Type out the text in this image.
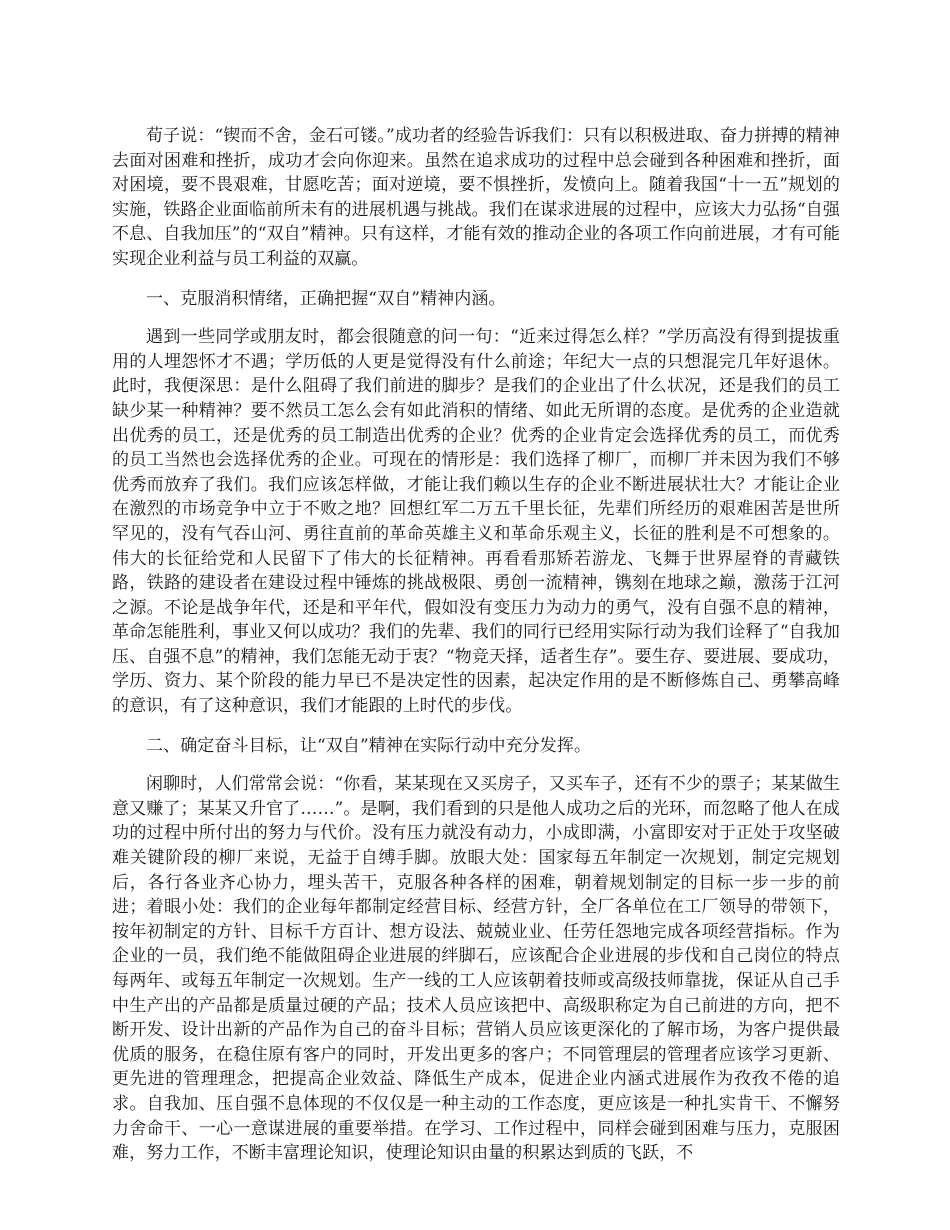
荀子说：“锲而不舍，金石可镂。”成功者的经验告诉我们：只有以积极进取、奋力拼搏的精神去面对困难和挫折，成功才会向你迎来。虽然在追求成功的过程中总会碰到各种困难和挫折，面对困境，要不畏艰难，甘愿吃苦；面对逆境，要不惧挫折，发愤向上。随着我国“十一五”规划的实施，铁路企业面临前所未有的进展机遇与挑战。我们在谋求进展的过程中，应该大力弘扬“自强不息、自我加压”的“双自”精神。只有这样，才能有效的推动企业的各项工作向前进展，才有可能实现企业利益与员工利益的双赢。

一、克服消积情绪，正确把握“双自”精神内涵。

遇到一些同学或朋友时，都会很随意的问一句：“近来过得怎么样？”学历高没有得到提拔重用的人埋怨怀才不遇；学历低的人更是觉得没有什么前途；年纪大一点的只想混完几年好退休。此时，我便深思：是什么阻碍了我们前进的脚步？是我们的企业出了什么状况，还是我们的员工缺少某一种精神？要不然员工怎么会有如此消积的情绪、如此无所谓的态度。是优秀的企业造就出优秀的员工，还是优秀的员工制造出优秀的企业？优秀的企业肯定会选择优秀的员工，而优秀的员工当然也会选择优秀的企业。可现在的情形是：我们选择了柳厂，而柳厂并未因为我们不够优秀而放弃了我们。我们应该怎样做，才能让我们赖以生存的企业不断进展状壮大？才能让企业在激烈的市场竞争中立于不败之地？回想红军二万五千里长征，先辈们所经历的艰难困苦是世所罕见的，没有气吞山河、勇往直前的革命英雄主义和革命乐观主义，长征的胜利是不可想象的。伟大的长征给党和人民留下了伟大的长征精神。再看看那矫若游龙、飞舞于世界屋脊的青藏铁路，铁路的建设者在建设过程中锤炼的挑战极限、勇创一流精神，镌刻在地球之巅，激荡于江河之源。不论是战争年代，还是和平年代，假如没有变压力为动力的勇气，没有自强不息的精神，革命怎能胜利，事业又何以成功？我们的先辈、我们的同行已经用实际行动为我们诠释了“自我加压、自强不息”的精神，我们怎能无动于衷？“物竞天择，适者生存”。要生存、要进展、要成功，学历、资力、某个阶段的能力早已不是决定性的因素，起决定作用的是不断修炼自己、勇攀高峰的意识，有了这种意识，我们才能跟的上时代的步伐。

二、确定奋斗目标，让“双自”精神在实际行动中充分发挥。

闲聊时，人们常常会说：“你看，某某现在又买房子，又买车子，还有不少的票子；某某做生意又赚了；某某又升官了……”。是啊，我们看到的只是他人成功之后的光环，而忽略了他人在成功的过程中所付出的努力与代价。没有压力就没有动力，小成即满，小富即安对于正处于攻坚破难关键阶段的柳厂来说，无益于自缚手脚。放眼大处：国家每五年制定一次规划，制定完规划后，各行各业齐心协力，埋头苦干，克服各种各样的困难，朝着规划制定的目标一步一步的前进；着眼小处：我们的企业每年都制定经营目标、经营方针，全厂各单位在工厂领导的带领下，按年初制定的方针、目标千方百计、想方设法、兢兢业业、任劳任怨地完成各项经营指标。作为企业的一员，我们绝不能做阻碍企业进展的绊脚石，应该配合企业进展的步伐和自己岗位的特点每两年、或每五年制定一次规划。生产一线的工人应该朝着技师或高级技师靠拢，保证从自己手中生产出的产品都是质量过硬的产品；技术人员应该把中、高级职称定为自己前进的方向，把不断开发、设计出新的产品作为自己的奋斗目标；营销人员应该更深化的了解市场，为客户提供最优质的服务，在稳住原有客户的同时，开发出更多的客户；不同管理层的管理者应该学习更新、更先进的管理理念，把提高企业效益、降低生产成本，促进企业内涵式进展作为孜孜不倦的追求。自我加、压自强不息体现的不仅仅是一种主动的工作态度，更应该是一种扎实肯干、不懈努力舍命干、一心一意谋进展的重要举措。在学习、工作过程中，同样会碰到困难与压力，克服困难，努力工作，不断丰富理论知识，使理论知识由量的积累达到质的飞跃，不
